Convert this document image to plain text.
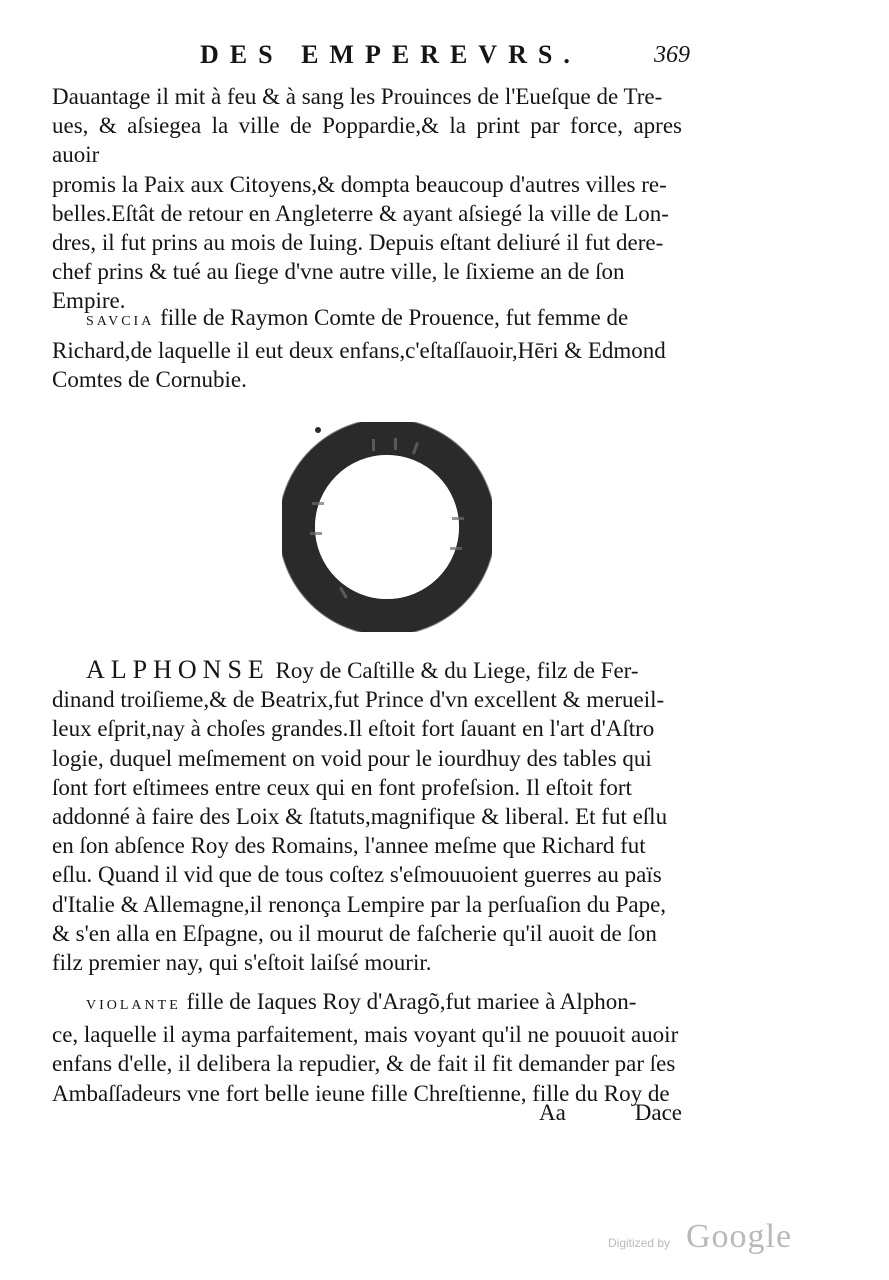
DES EMPEREVRS.	369
Dauantage il mit à feu & à sang les Prouinces de l'Eueſque de Tre-
ues, & aſsiegea la ville de Poppardie,& la print par force, apres auoir
promis la Paix aux Citoyens,& dompta beaucoup d'autres villes re-
belles.Eſtât de retour en Angleterre & ayant aſsiegé la ville de Lon-
dres, il fut prins au mois de Iuing. Depuis eſtant deliuré il fut dere-
chef prins & tué au ſiege d'vne autre ville, le ſixieme an de ſon
Empire.
SAVCIA fille de Raymon Comte de Prouence, fut femme de
Richard,de laquelle il eut deux enfans,c'eſtaſſauoir,Hēri & Edmond
Comtes de Cornubie.
ALPHONSE Roy de Caſtille & du Liege, filz de Fer-
dinand troiſieme,& de Beatrix,fut Prince d'vn excellent & merueil-
leux eſprit,nay à choſes grandes.Il eſtoit fort ſauant en l'art d'Aſtro
logie, duquel meſmement on void pour le iourdhuy des tables qui
ſont fort eſtimees entre ceux qui en font profeſsion. Il eſtoit fort
addonné à faire des Loix & ſtatuts,magnifique & liberal. Et fut eſlu
en ſon abſence Roy des Romains, l'annee meſme que Richard fut
eſlu. Quand il vid que de tous coſtez s'eſmouuoient guerres au païs
d'Italie & Allemagne,il renonça Lempire par la perſuaſion du Pape,
& s'en alla en Eſpagne, ou il mourut de faſcherie qu'il auoit de ſon
filz premier nay, qui s'eſtoit laiſsé mourir.
VIOLANTE fille de Iaques Roy d'Aragõ,fut mariee à Alphon-
ce, laquelle il ayma parfaitement, mais voyant qu'il ne pouuoit auoir
enfans d'elle, il delibera la repudier, & de fait il fit demander par ſes
Ambaſſadeurs vne fort belle ieune fille Chreſtienne, fille du Roy de
Aa	Dace
Digitized by Google
